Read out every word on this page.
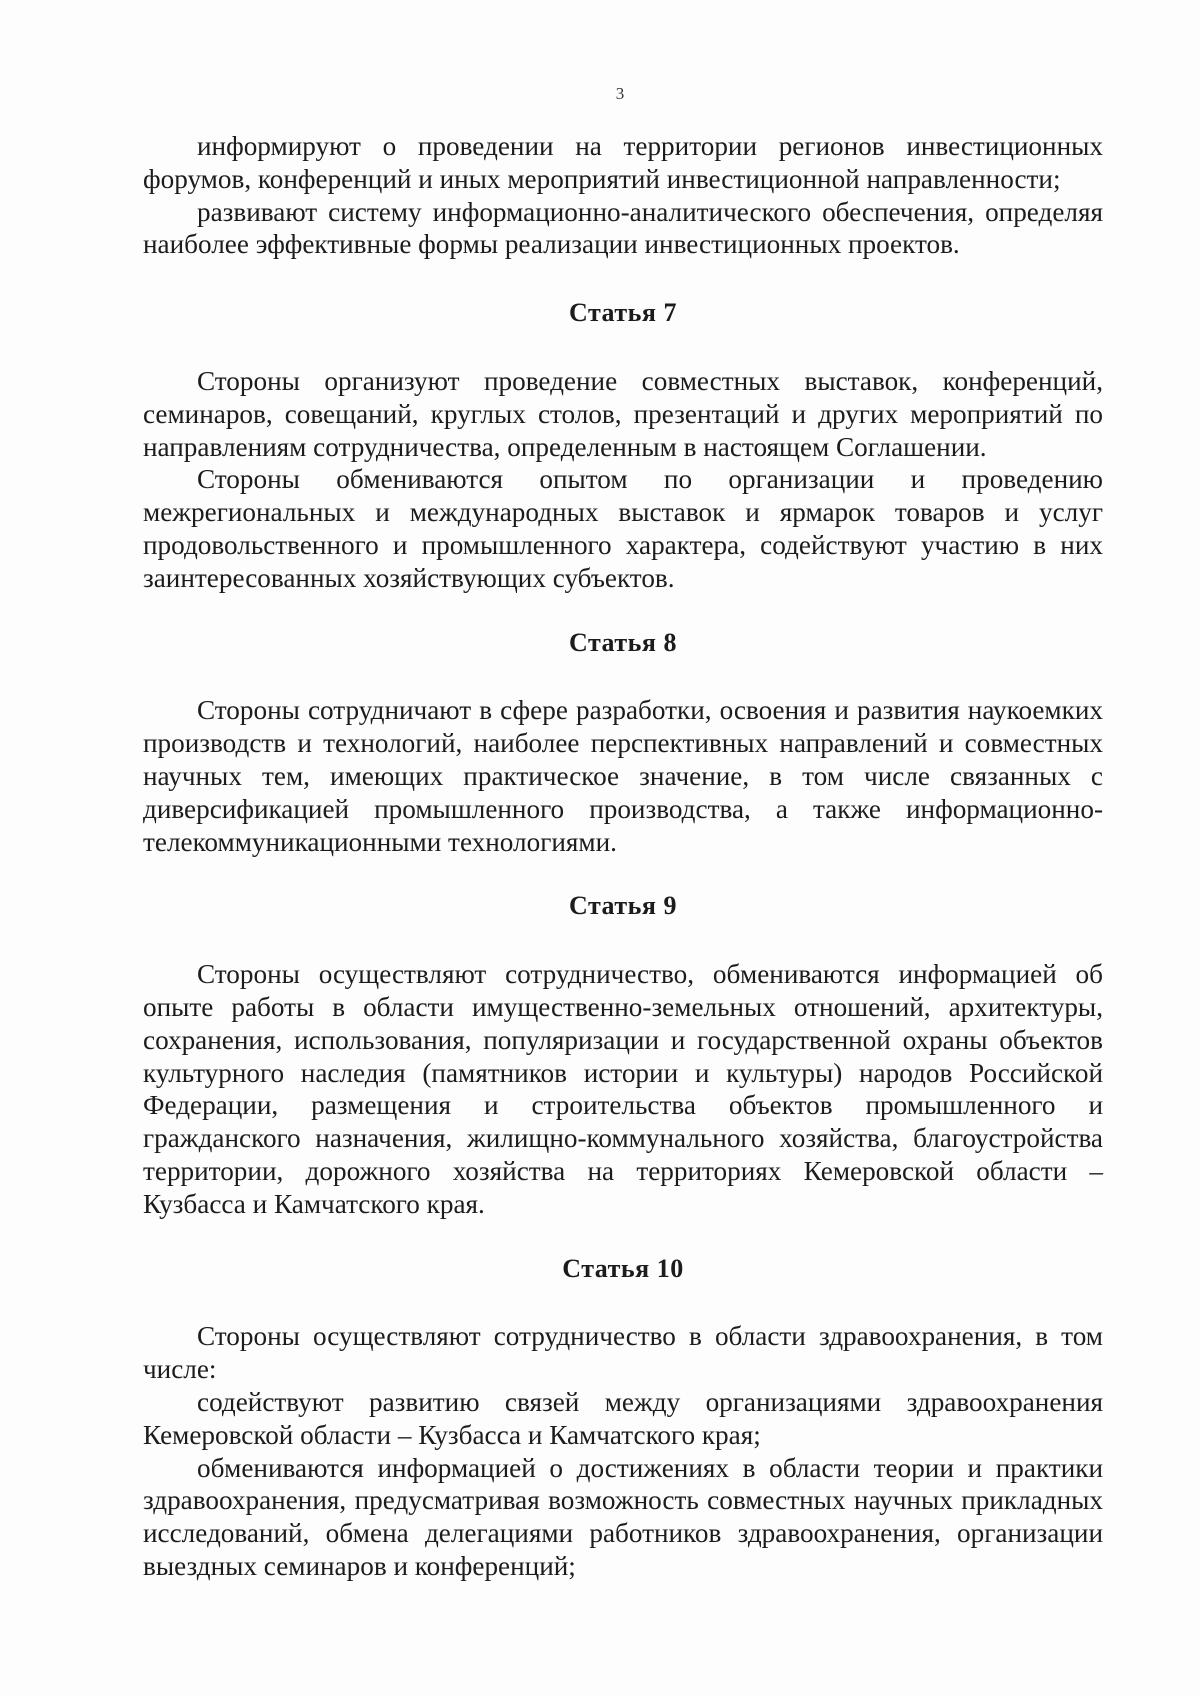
3

информируют о проведении на территории регионов инвестиционных форумов, конференций и иных мероприятий инвестиционной направленности;

развивают систему информационно-аналитического обеспечения, определяя наиболее эффективные формы реализации инвестиционных проектов.

Статья 7

Стороны организуют проведение совместных выставок, конференций, семинаров, совещаний, круглых столов, презентаций и других мероприятий по направлениям сотрудничества, определенным в настоящем Соглашении.

Стороны обмениваются опытом по организации и проведению межрегиональных и международных выставок и ярмарок товаров и услуг продовольственного и промышленного характера, содействуют участию в них заинтересованных хозяйствующих субъектов.

Статья 8

Стороны сотрудничают в сфере разработки, освоения и развития наукоемких производств и технологий, наиболее перспективных направлений и совместных научных тем, имеющих практическое значение, в том числе связанных с диверсификацией промышленного производства, а также информационно-телекоммуникационными технологиями.

Статья 9

Стороны осуществляют сотрудничество, обмениваются информацией об опыте работы в области имущественно-земельных отношений, архитектуры, сохранения, использования, популяризации и государственной охраны объектов культурного наследия (памятников истории и культуры) народов Российской Федерации, размещения и строительства объектов промышленного и гражданского назначения, жилищно-коммунального хозяйства, благоустройства территории, дорожного хозяйства на территориях Кемеровской области – Кузбасса и Камчатского края.

Статья 10

Стороны осуществляют сотрудничество в области здравоохранения, в том числе:

содействуют развитию связей между организациями здравоохранения Кемеровской области – Кузбасса и Камчатского края;

обмениваются информацией о достижениях в области теории и практики здравоохранения, предусматривая возможность совместных научных прикладных исследований, обмена делегациями работников здравоохранения, организации выездных семинаров и конференций;
